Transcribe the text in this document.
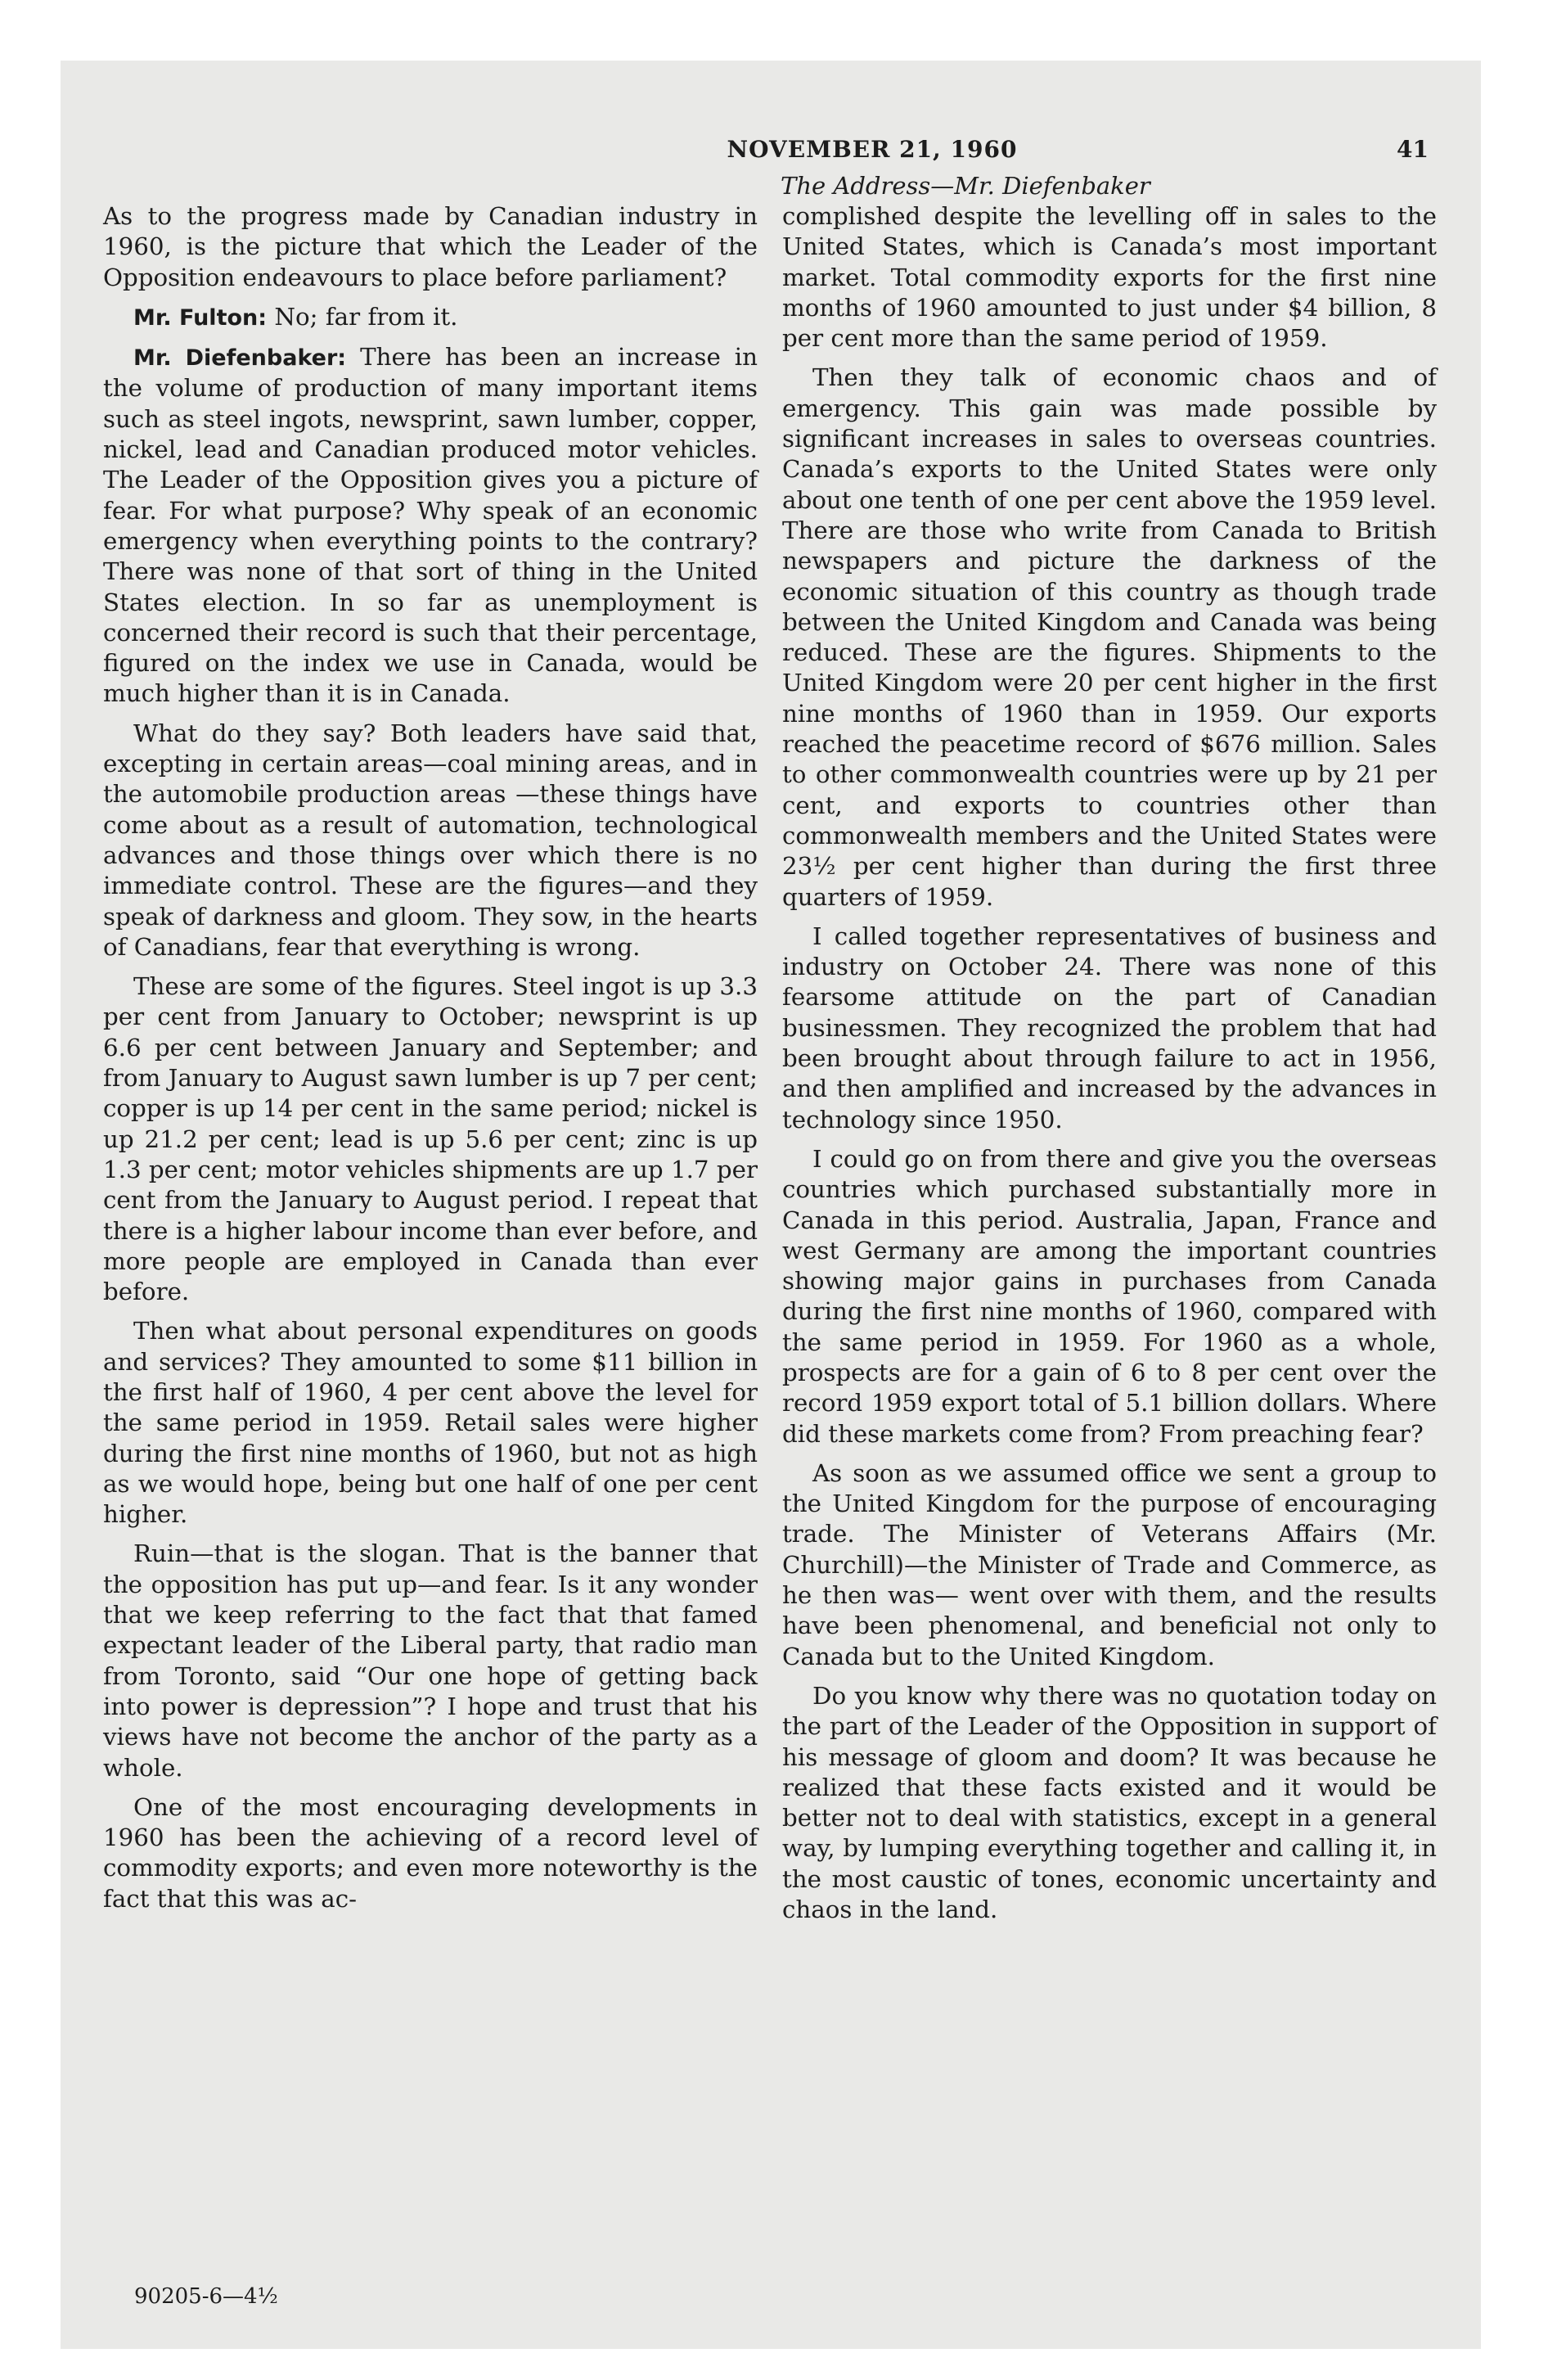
NOVEMBER 21, 1960	41
The Address—Mr. Diefenbaker

As to the progress made by Canadian industry in 1960, is the picture that which the Leader of the Opposition endeavours to place before parliament?

Mr. Fulton: No; far from it.

Mr. Diefenbaker: There has been an increase in the volume of production of many important items such as steel ingots, newsprint, sawn lumber, copper, nickel, lead and Canadian produced motor vehicles. The Leader of the Opposition gives you a picture of fear. For what purpose? Why speak of an economic emergency when everything points to the contrary? There was none of that sort of thing in the United States election. In so far as unemployment is concerned their record is such that their percentage, figured on the index we use in Canada, would be much higher than it is in Canada.

What do they say? Both leaders have said that, excepting in certain areas—coal mining areas, and in the automobile production areas —these things have come about as a result of automation, technological advances and those things over which there is no immediate control. These are the figures—and they speak of darkness and gloom. They sow, in the hearts of Canadians, fear that everything is wrong.

These are some of the figures. Steel ingot is up 3.3 per cent from January to October; newsprint is up 6.6 per cent between January and September; and from January to August sawn lumber is up 7 per cent; copper is up 14 per cent in the same period; nickel is up 21.2 per cent; lead is up 5.6 per cent; zinc is up 1.3 per cent; motor vehicles shipments are up 1.7 per cent from the January to August period. I repeat that there is a higher labour income than ever before, and more people are employed in Canada than ever before.

Then what about personal expenditures on goods and services? They amounted to some $11 billion in the first half of 1960, 4 per cent above the level for the same period in 1959. Retail sales were higher during the first nine months of 1960, but not as high as we would hope, being but one half of one per cent higher.

Ruin—that is the slogan. That is the banner that the opposition has put up—and fear. Is it any wonder that we keep referring to the fact that that famed expectant leader of the Liberal party, that radio man from Toronto, said “Our one hope of getting back into power is depression”? I hope and trust that his views have not become the anchor of the party as a whole.

One of the most encouraging developments in 1960 has been the achieving of a record level of commodity exports; and even more noteworthy is the fact that this was ac-

complished despite the levelling off in sales to the United States, which is Canada’s most important market. Total commodity exports for the first nine months of 1960 amounted to just under $4 billion, 8 per cent more than the same period of 1959.

Then they talk of economic chaos and of emergency. This gain was made possible by significant increases in sales to overseas countries. Canada’s exports to the United States were only about one tenth of one per cent above the 1959 level. There are those who write from Canada to British newspapers and picture the darkness of the economic situation of this country as though trade between the United Kingdom and Canada was being reduced. These are the figures. Shipments to the United Kingdom were 20 per cent higher in the first nine months of 1960 than in 1959. Our exports reached the peacetime record of $676 million. Sales to other commonwealth countries were up by 21 per cent, and exports to countries other than commonwealth members and the United States were 23½ per cent higher than during the first three quarters of 1959.

I called together representatives of business and industry on October 24. There was none of this fearsome attitude on the part of Canadian businessmen. They recognized the problem that had been brought about through failure to act in 1956, and then amplified and increased by the advances in technology since 1950.

I could go on from there and give you the overseas countries which purchased substantially more in Canada in this period. Australia, Japan, France and west Germany are among the important countries showing major gains in purchases from Canada during the first nine months of 1960, compared with the same period in 1959. For 1960 as a whole, prospects are for a gain of 6 to 8 per cent over the record 1959 export total of 5.1 billion dollars. Where did these markets come from? From preaching fear?

As soon as we assumed office we sent a group to the United Kingdom for the purpose of encouraging trade. The Minister of Veterans Affairs (Mr. Churchill)—the Minister of Trade and Commerce, as he then was— went over with them, and the results have been phenomenal, and beneficial not only to Canada but to the United Kingdom.

Do you know why there was no quotation today on the part of the Leader of the Opposition in support of his message of gloom and doom? It was because he realized that these facts existed and it would be better not to deal with statistics, except in a general way, by lumping everything together and calling it, in the most caustic of tones, economic uncertainty and chaos in the land.

90205-6—4½
